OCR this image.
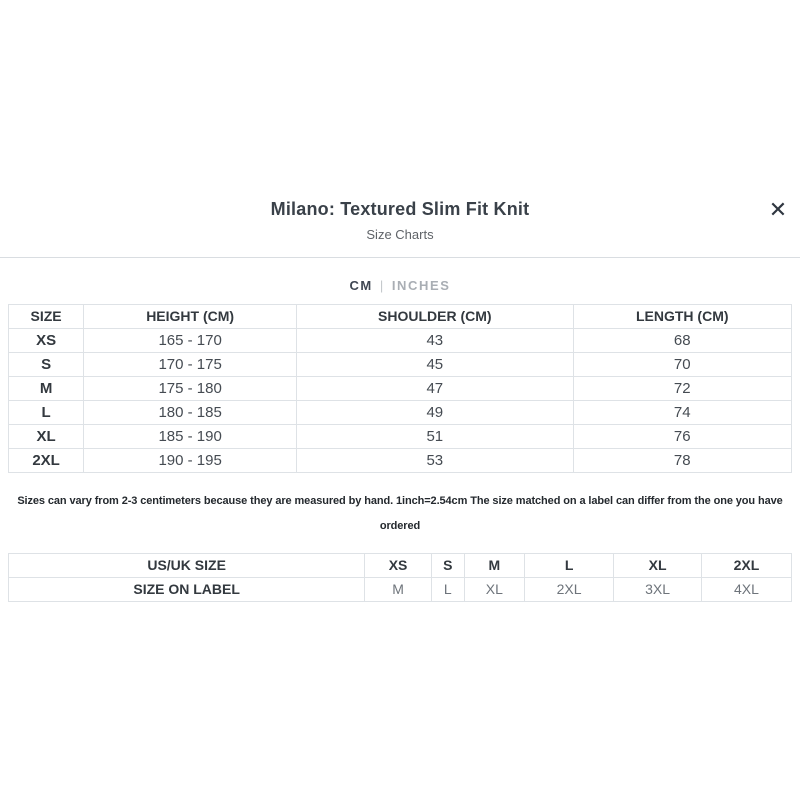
Milano: Textured Slim Fit Knit
Size Charts
✕
CM | INCHES
SIZE	HEIGHT (CM)	SHOULDER (CM)	LENGTH (CM)
XS	165 - 170	43	68
S	170 - 175	45	70
M	175 - 180	47	72
L	180 - 185	49	74
XL	185 - 190	51	76
2XL	190 - 195	53	78
Sizes can vary from 2-3 centimeters because they are measured by hand. 1inch=2.54cm The size matched on a label can differ from the one you have ordered
US/UK SIZE	XS	S	M	L	XL	2XL
SIZE ON LABEL	M	L	XL	2XL	3XL	4XL
